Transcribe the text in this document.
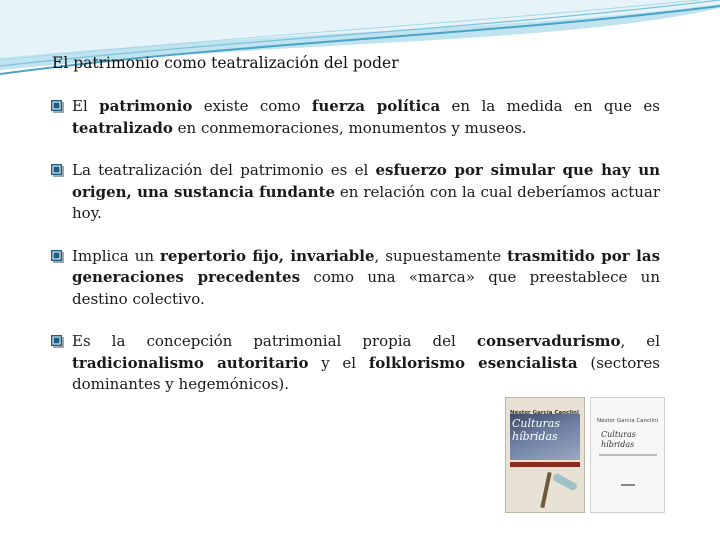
El patrimonio como teatralización del poder
El patrimonio existe como fuerza política en la medida en que es teatralizado en conmemoraciones, monumentos y museos.
La teatralización del patrimonio es el esfuerzo por simular que hay un origen, una sustancia fundante en relación con la cual deberíamos actuar hoy.
Implica un repertorio fijo, invariable, supuestamente trasmitido por las generaciones precedentes como una «marca» que preestablece un destino colectivo.
Es la concepción patrimonial propia del conservadurismo, el tradicionalismo autoritario y el folklorismo esencialista (sectores dominantes y hegemónicos).
Néstor García Canclini
Culturas híbridas
Néstor García Canclini
Culturas híbridas
